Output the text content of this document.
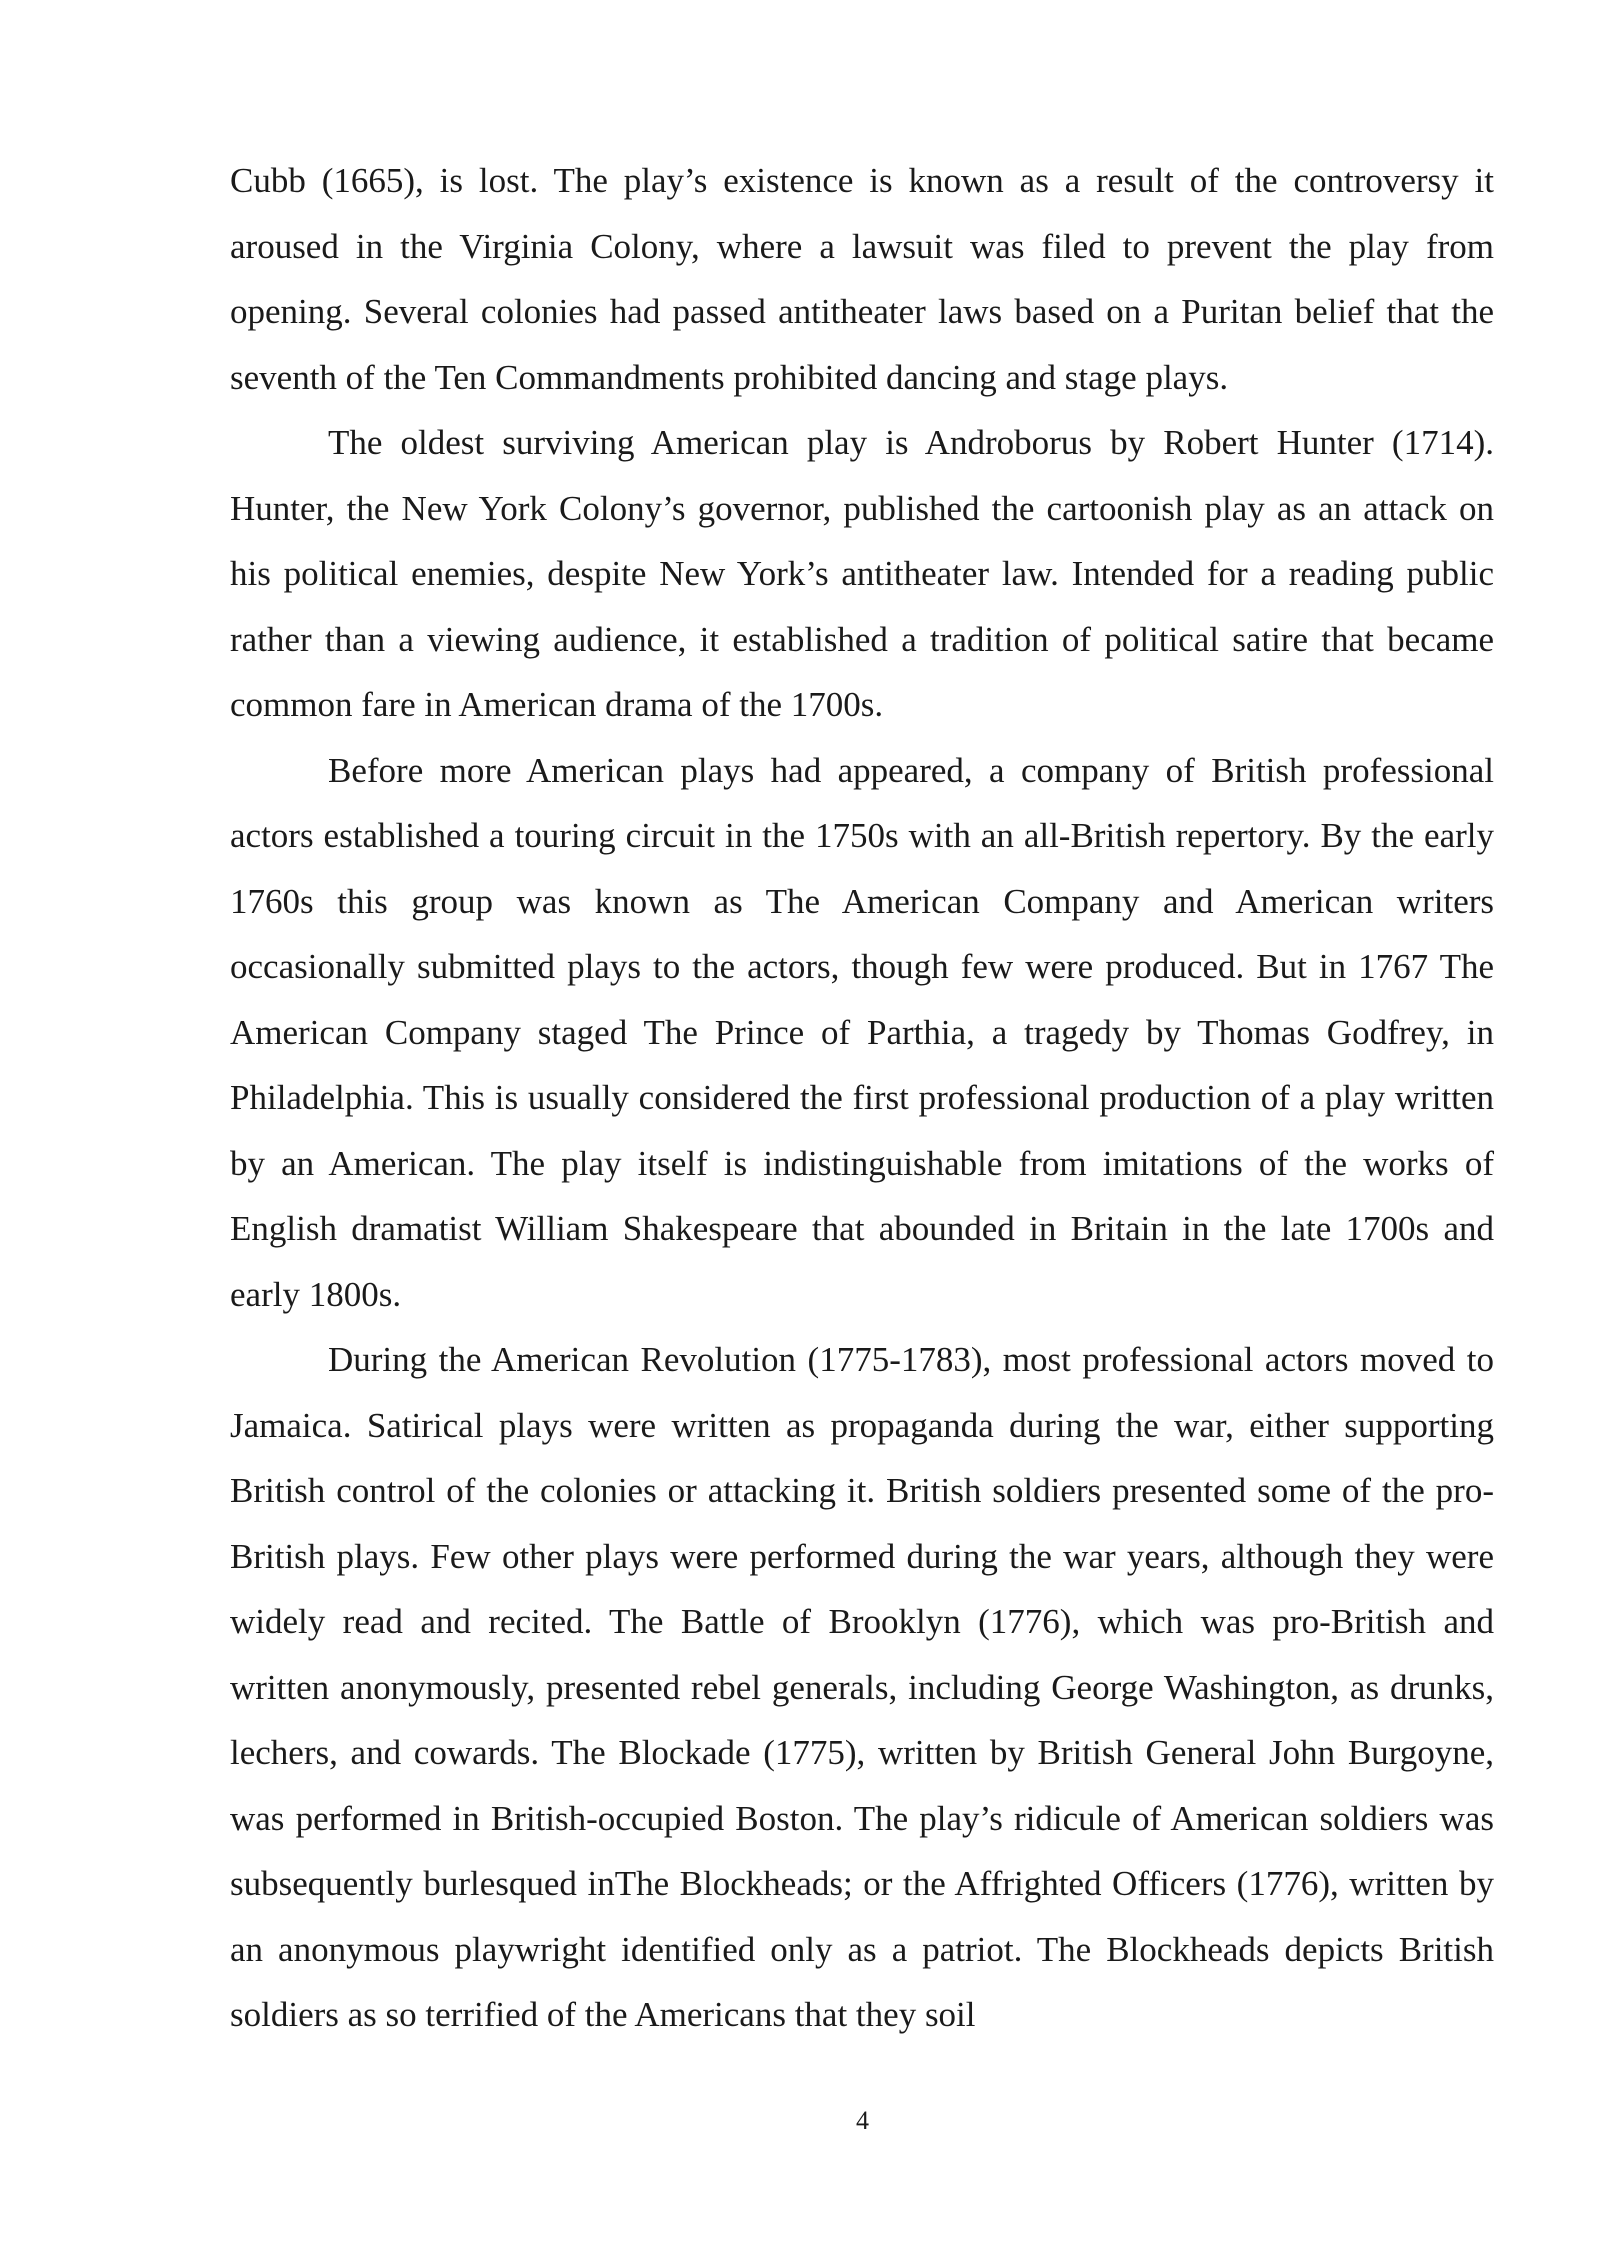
Cubb (1665), is lost. The play’s existence is known as a result of the controversy it aroused in the Virginia Colony, where a lawsuit was filed to prevent the play from opening. Several colonies had passed antitheater laws based on a Puritan belief that the seventh of the Ten Commandments prohibited dancing and stage plays.

The oldest surviving American play is Androborus by Robert Hunter (1714). Hunter, the New York Colony’s governor, published the cartoonish play as an attack on his political enemies, despite New York’s antitheater law. Intended for a reading public rather than a viewing audience, it established a tradition of political satire that became common fare in American drama of the 1700s.

Before more American plays had appeared, a company of British professional actors established a touring circuit in the 1750s with an all-British repertory. By the early 1760s this group was known as The American Company and American writers occasionally submitted plays to the actors, though few were produced. But in 1767 The American Company staged The Prince of Parthia, a tragedy by Thomas Godfrey, in Philadelphia. This is usually considered the first professional production of a play written by an American. The play itself is indistinguishable from imitations of the works of English dramatist William Shakespeare that abounded in Britain in the late 1700s and early 1800s.

During the American Revolution (1775-1783), most professional actors moved to Jamaica. Satirical plays were written as propaganda during the war, either supporting British control of the colonies or attacking it. British soldiers presented some of the pro-British plays. Few other plays were performed during the war years, although they were widely read and recited. The Battle of Brooklyn (1776), which was pro-British and written anonymously, presented rebel generals, including George Washington, as drunks, lechers, and cowards. The Blockade (1775), written by British General John Burgoyne, was performed in British-occupied Boston. The play’s ridicule of American soldiers was subsequently burlesqued inThe Blockheads; or the Affrighted Officers (1776), written by an anonymous playwright identified only as a patriot. The Blockheads depicts British soldiers as so terrified of the Americans that they soil

4
